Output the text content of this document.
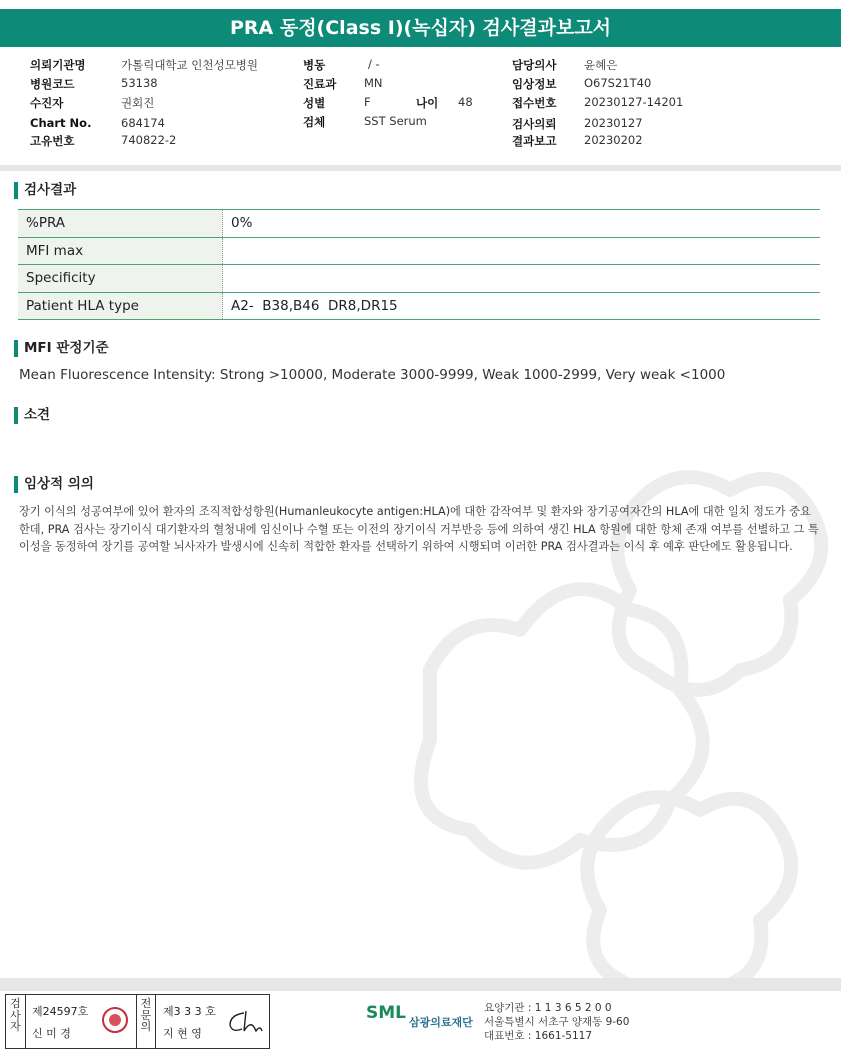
PRA 동정(Class I)(녹십자) 검사결과보고서
의뢰기관명	가톨릭대학교 인천성모병원
병원코드	53138
수진자	권회진
Chart No.	684174
고유번호	740822-2
병동	/ -
진료과 MN
성별	F	나이 48
검체	SST Serum
담당의사 윤혜은
임상정보 O67S21T40
접수번호 20230127-14201
검사의뢰 20230127
결과보고 20230202
검사결과
%PRA	0%
MFI max	
Specificity	
Patient HLA type	A2-  B38,B46  DR8,DR15
MFI 판정기준
Mean Fluorescence Intensity: Strong >10000, Moderate 3000-9999, Weak 1000-2999, Very weak <1000
소견
임상적 의의

장기 이식의 성공여부에 있어 환자의 조직적합성항원(Humanleukocyte antigen:HLA)에 대한 감작여부 및 환자와 장기공여자간의 HLA에 대한 일치 정도가 중요한데, PRA 검사는 장기이식 대기환자의 혈청내에 임신이나 수혈 또는 이전의 장기이식 거부반응 등에 의하여 생긴 HLA 항원에 대한 항체 존재 여부를 선별하고 그 특이성을 동정하여 장기를 공여할 뇌사자가 발생시에 신속히 적합한 환자를 선택하기 위하여 시행되며 이러한 PRA 검사결과는 이식 후 예후 판단에도 활용됩니다.

검사자
제24597호
신 미 경
전문의
제3 3 3 호
지 현 영
SML 삼광의료재단
요양기관 : 1 1 3 6 5 2 0 0
서울특별시 서초구 양재동 9-60
대표번호 : 1661-5117
